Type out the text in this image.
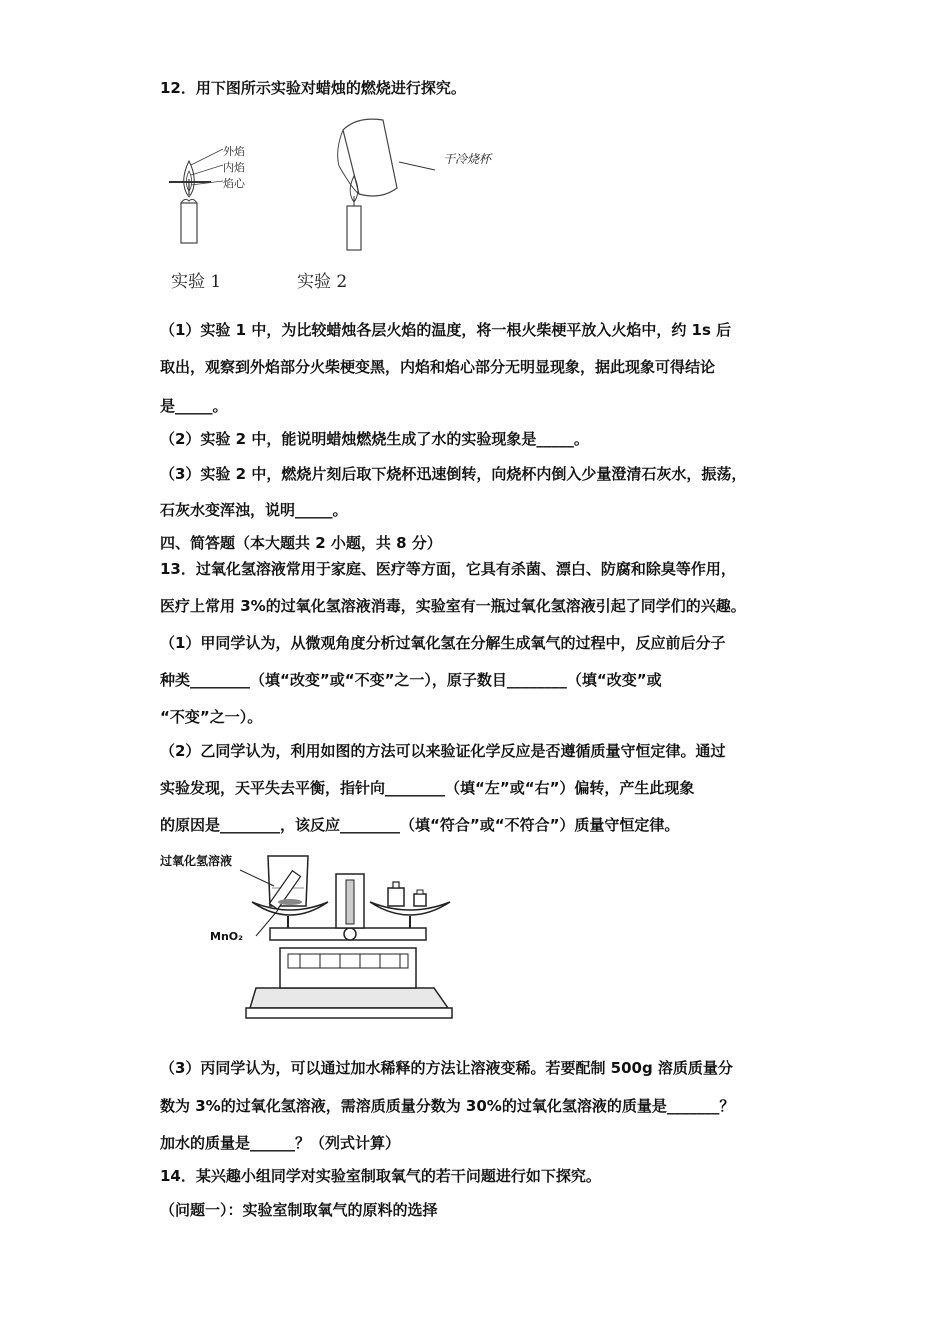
12．用下图所示实验对蜡烛的燃烧进行探究。
外焰
内焰
焰心
实验 1
干冷烧杯
实验 2
（1）实验 1 中，为比较蜡烛各层火焰的温度，将一根火柴梗平放入火焰中，约 1s 后
取出，观察到外焰部分火柴梗变黑，内焰和焰心部分无明显现象，据此现象可得结论
是_____。
（2）实验 2 中，能说明蜡烛燃烧生成了水的实验现象是_____。
（3）实验 2 中，燃烧片刻后取下烧杯迅速倒转，向烧杯内倒入少量澄清石灰水，振荡，
石灰水变浑浊，说明_____。
四、简答题（本大题共 2 小题，共 8 分）
13．过氧化氢溶液常用于家庭、医疗等方面，它具有杀菌、漂白、防腐和除臭等作用，
医疗上常用 3%的过氧化氢溶液消毒，实验室有一瓶过氧化氢溶液引起了同学们的兴趣。
（1）甲同学认为，从微观角度分析过氧化氢在分解生成氧气的过程中，反应前后分子
种类________（填“改变”或“不变”之一），原子数目________（填“改变”或
“不变”之一）。
（2）乙同学认为，利用如图的方法可以来验证化学反应是否遵循质量守恒定律。通过
实验发现，天平失去平衡，指针向________（填“左”或“右”）偏转，产生此现象
的原因是________，该反应________（填“符合”或“不符合”）质量守恒定律。
过氧化氢溶液
MnO₂
（3）丙同学认为，可以通过加水稀释的方法让溶液变稀。若要配制 500g 溶质质量分
数为 3%的过氧化氢溶液，需溶质质量分数为 30%的过氧化氢溶液的质量是_______？
加水的质量是______？（列式计算）
14．某兴趣小组同学对实验室制取氧气的若干问题进行如下探究。
（问题一）：实验室制取氧气的原料的选择
